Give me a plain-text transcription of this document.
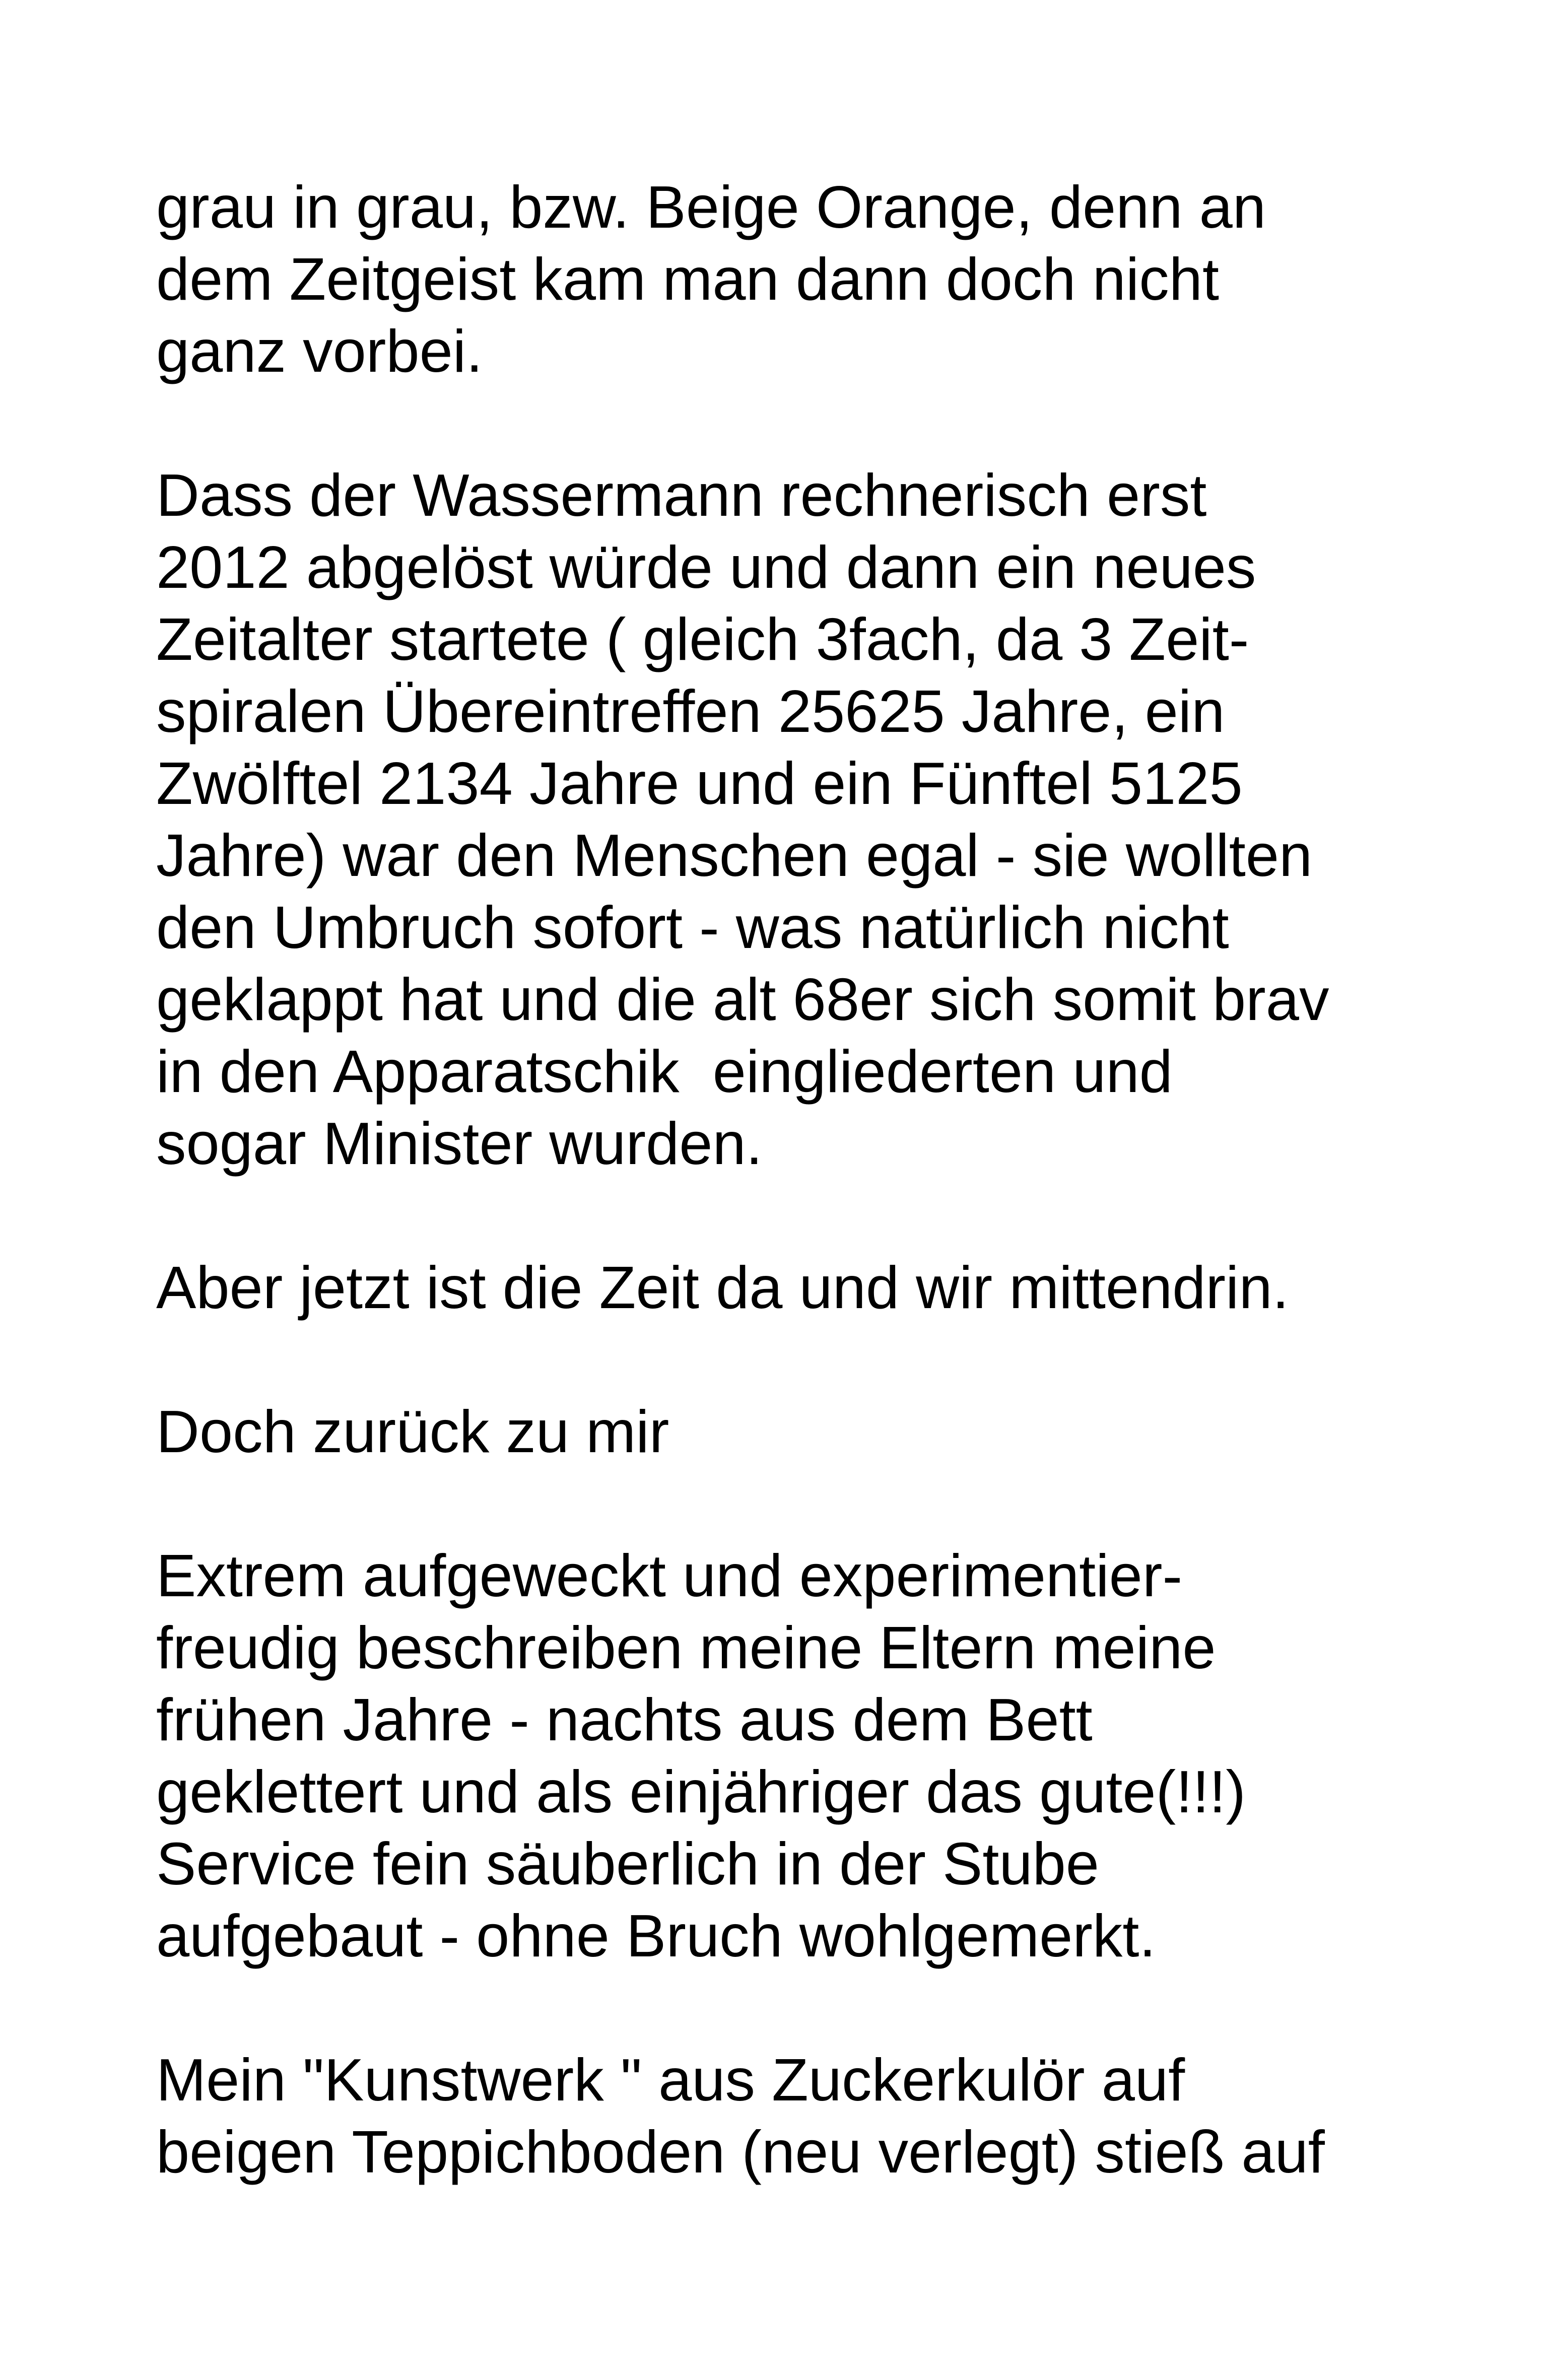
grau in grau, bzw. Beige Orange, denn an
dem Zeitgeist kam man dann doch nicht
ganz vorbei.

Dass der Wassermann rechnerisch erst
2012 abgelöst würde und dann ein neues
Zeitalter startete ( gleich 3fach, da 3 Zeit-
spiralen Übereintreffen 25625 Jahre, ein
Zwölftel 2134 Jahre und ein Fünftel 5125
Jahre) war den Menschen egal - sie wollten
den Umbruch sofort - was natürlich nicht
geklappt hat und die alt 68er sich somit brav
in den Apparatschik  eingliederten und
sogar Minister wurden.

Aber jetzt ist die Zeit da und wir mittendrin.

Doch zurück zu mir

Extrem aufgeweckt und experimentier-
freudig beschreiben meine Eltern meine
frühen Jahre - nachts aus dem Bett
geklettert und als einjähriger das gute(!!!)
Service fein säuberlich in der Stube
aufgebaut - ohne Bruch wohlgemerkt.

Mein "Kunstwerk " aus Zuckerkulör auf
beigen Teppichboden (neu verlegt) stieß auf
